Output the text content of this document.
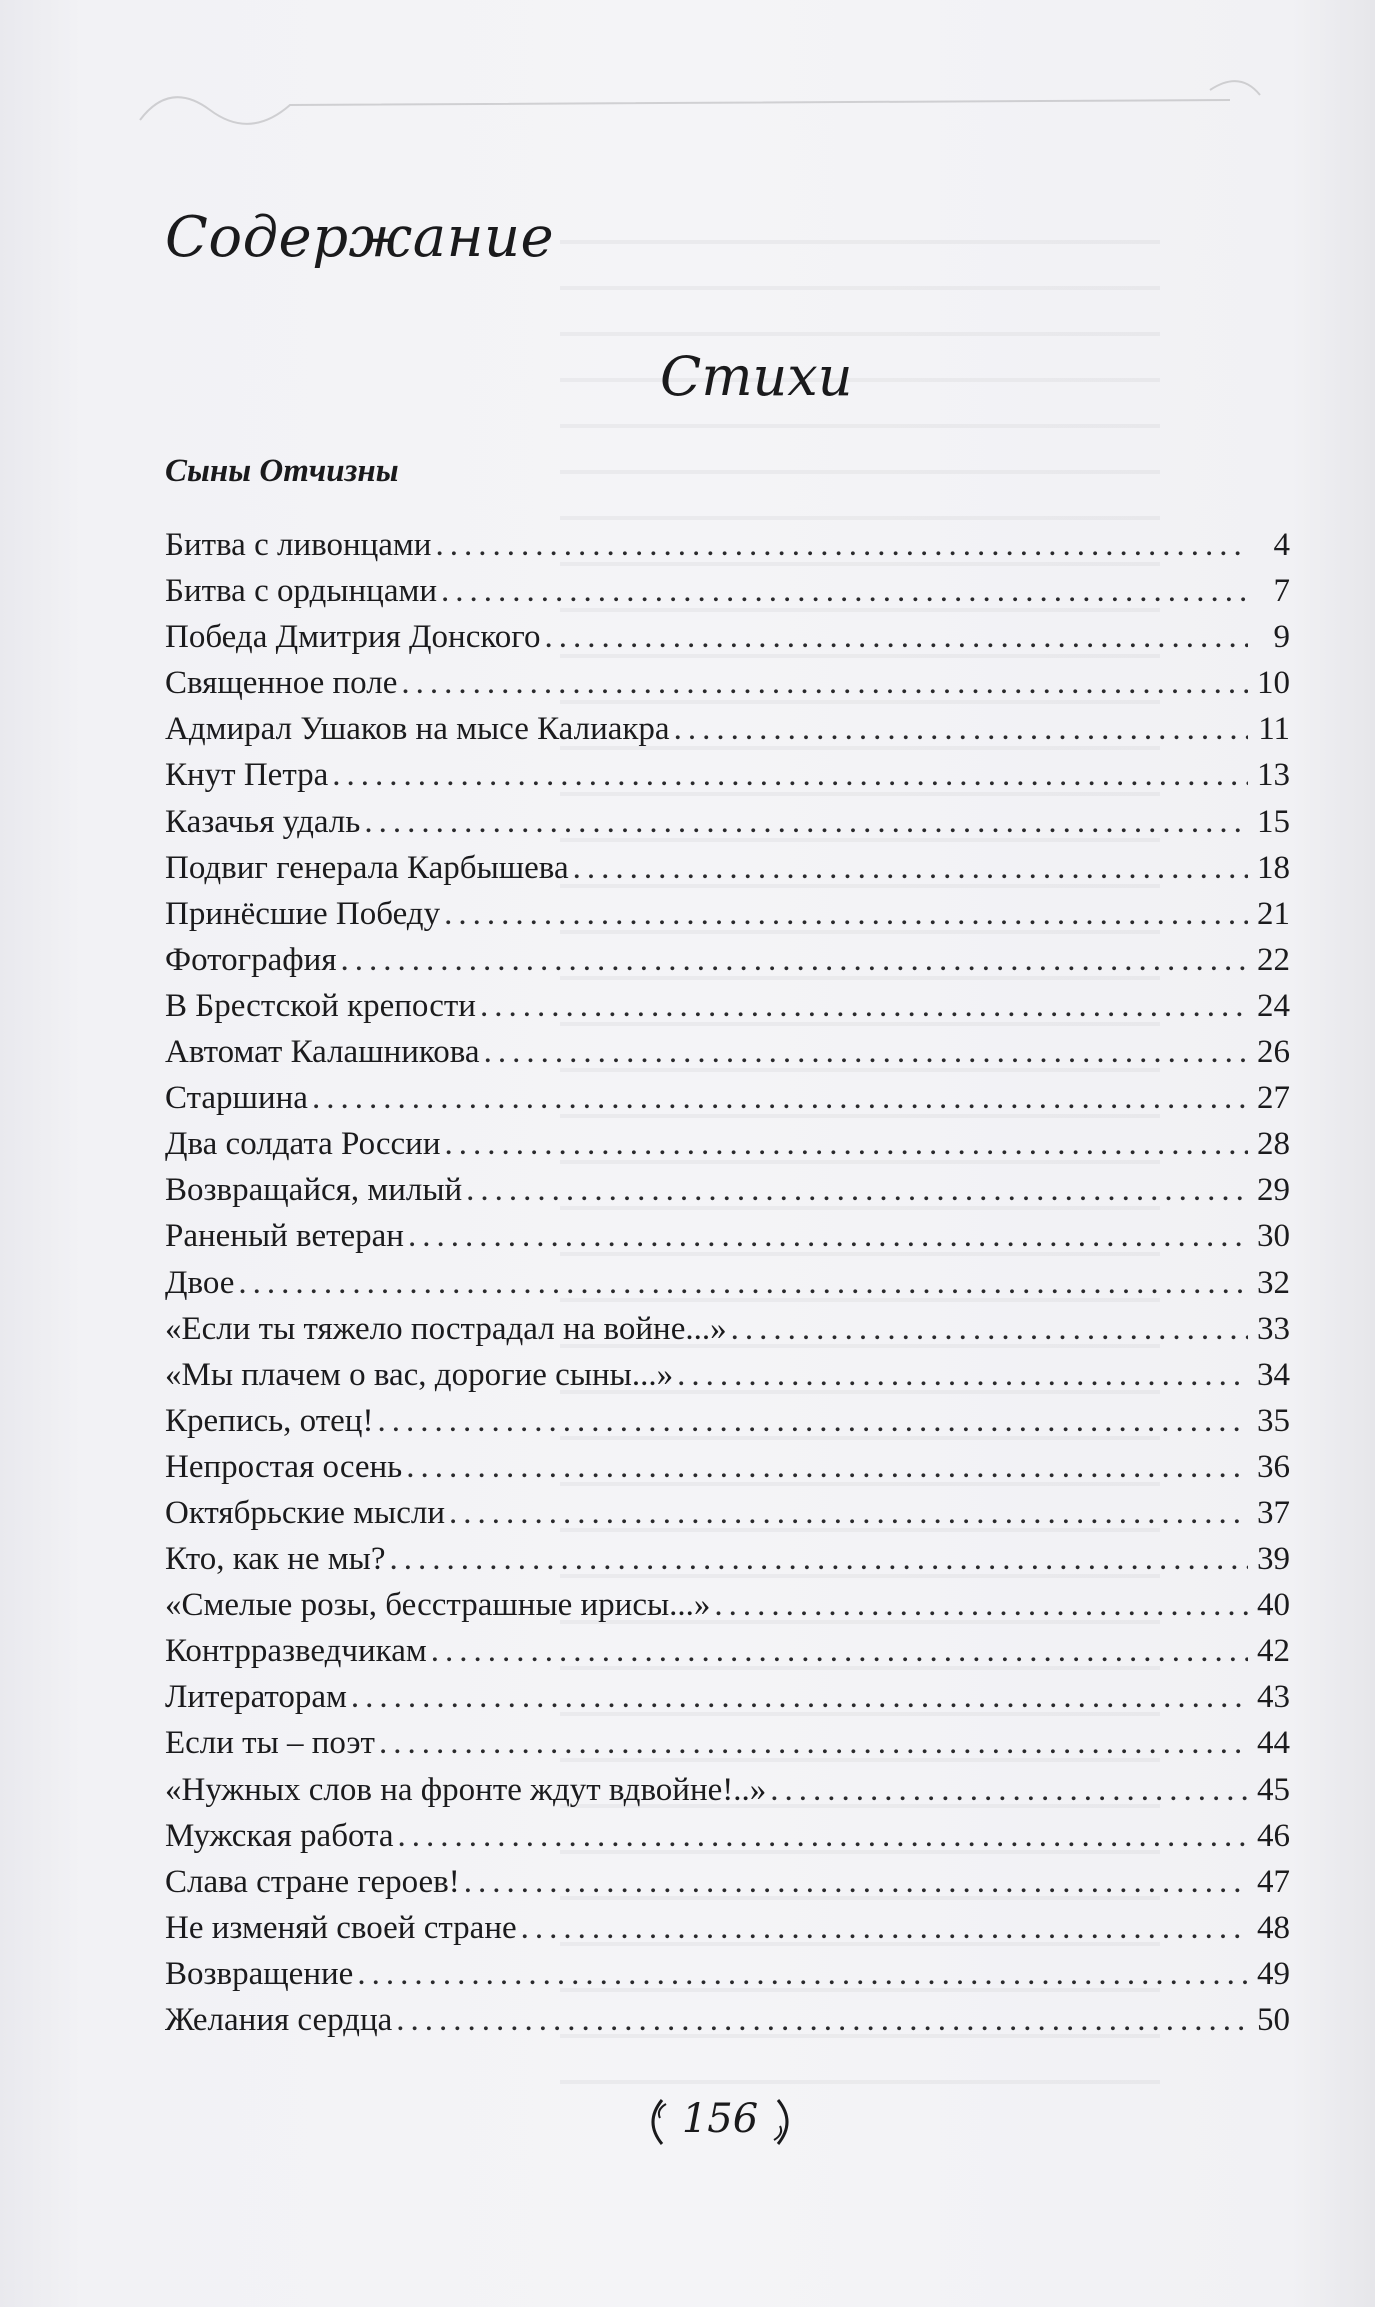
Содержание
Стихи
Сыны Отчизны
Битва с ливонцами .....	4
Битва с ордынцами .....	7
Победа Дмитрия Донского .....	9
Священное поле .....	10
Адмирал Ушаков на мысе Калиакра .....	11
Кнут Петра .....	13
Казачья удаль .....	15
Подвиг генерала Карбышева .....	18
Принёсшие Победу .....	21
Фотография .....	22
В Брестской крепости .....	24
Автомат Калашникова .....	26
Старшина .....	27
Два солдата России .....	28
Возвращайся, милый .....	29
Раненый ветеран .....	30
Двое .....	32
«Если ты тяжело пострадал на войне...» .....	33
«Мы плачем о вас, дорогие сыны...» .....	34
Крепись, отец! .....	35
Непростая осень .....	36
Октябрьские мысли .....	37
Кто, как не мы? .....	39
«Смелые розы, бесстрашные ирисы...» .....	40
Контрразведчикам .....	42
Литераторам .....	43
Если ты – поэт .....	44
«Нужных слов на фронте ждут вдвойне!..» .....	45
Мужская работа .....	46
Слава стране героев! .....	47
Не изменяй своей стране .....	48
Возвращение .....	49
Желания сердца .....	50
156
